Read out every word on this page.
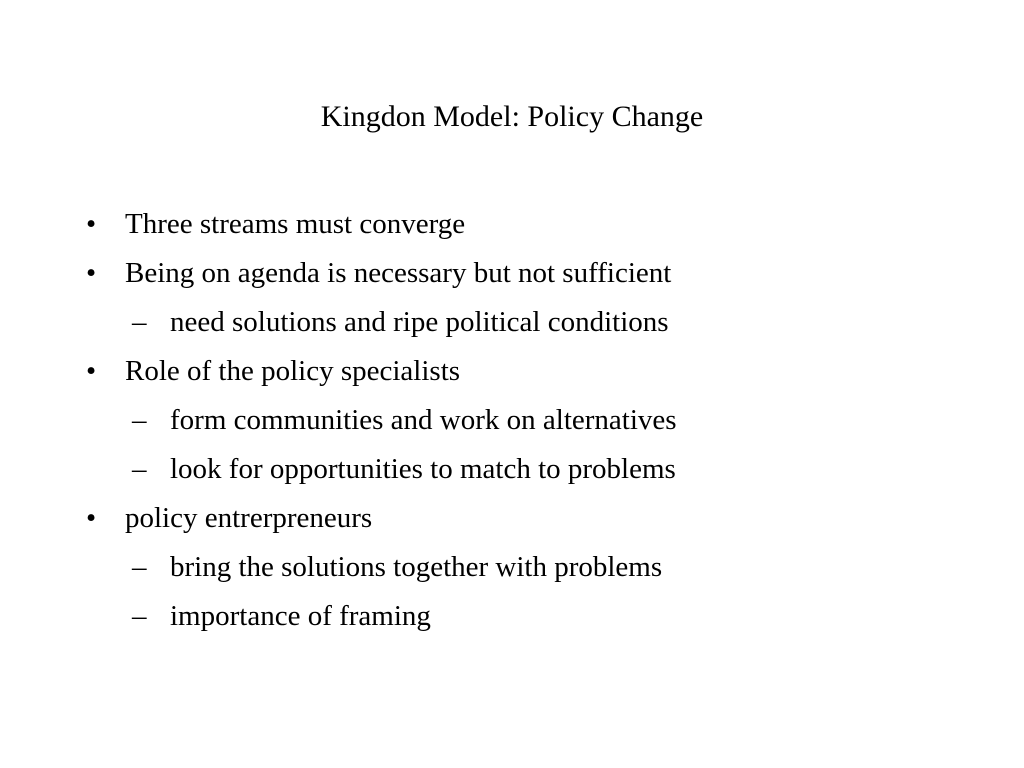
Kingdon Model: Policy Change
• Three streams must converge
• Being on agenda is necessary but not sufficient
– need solutions and ripe political conditions
• Role of the policy specialists
– form communities and work on alternatives
– look for opportunities to match to problems
• policy entrerpreneurs
– bring the solutions together with problems
– importance of framing
